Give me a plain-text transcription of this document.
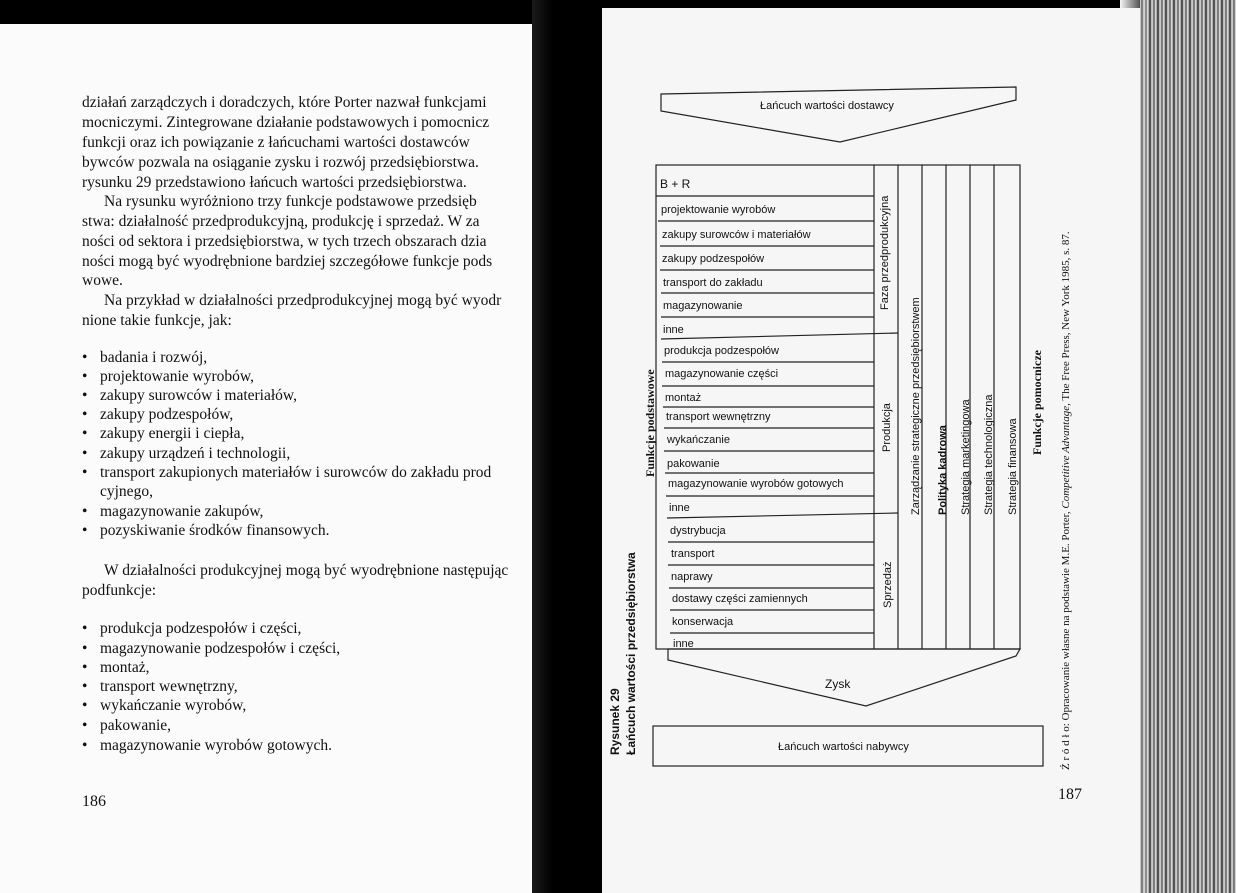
działań zarządczych i doradczych, które Porter nazwał funkcjami
mocniczymi. Zintegrowane działanie podstawowych i pomocnicz
funkcji oraz ich powiązanie z łańcuchami wartości dostawców
bywców pozwala na osiąganie zysku i rozwój przedsiębiorstwa.
rysunku 29 przedstawiono łańcuch wartości przedsiębiorstwa.
Na rysunku wyróżniono trzy funkcje podstawowe przedsięb
stwa: działalność przedprodukcyjną, produkcję i sprzedaż. W za
ności od sektora i przedsiębiorstwa, w tych trzech obszarach dzia
ności mogą być wyodrębnione bardziej szczegółowe funkcje pods
wowe.
Na przykład w działalności przedprodukcyjnej mogą być wyodr
nione takie funkcje, jak:
• badania i rozwój,
• projektowanie wyrobów,
• zakupy surowców i materiałów,
• zakupy podzespołów,
• zakupy energii i ciepła,
• zakupy urządzeń i technologii,
• transport zakupionych materiałów i surowców do zakładu prod
cyjnego,
• magazynowanie zakupów,
• pozyskiwanie środków finansowych.
W działalności produkcyjnej mogą być wyodrębnione następując
podfunkcje:
• produkcja podzespołów i części,
• magazynowanie podzespołów i części,
• montaż,
• transport wewnętrzny,
• wykańczanie wyrobów,
• pakowanie,
• magazynowanie wyrobów gotowych.
186
Łańcuch wartości dostawcy
Zysk
Łańcuch wartości nabywcy
B + R
projektowanie wyrobów
zakupy surowców i materiałów
zakupy podzespołów
transport do zakładu
magazynowanie
inne
produkcja podzespołów
magazynowanie części
montaż
transport wewnętrzny
wykańczanie
pakowanie
magazynowanie wyrobów gotowych
inne
dystrybucja
transport
naprawy
dostawy części zamiennych
konserwacja
inne
Faza przedprodukcyjna
Produkcja
Sprzedaż
Zarządzanie strategiczne przedsiębiorstwem Polityka kadrowa Strategia marketingowa Strategia technologiczna Strategia finansowa
Funkcje pomocnicze
Funkcje podstawowe
Rysunek 29 Łańcuch wartości przedsiębiorstwa	Ź r ó d ł o: Opracowanie własne na podstawie M.E. Porter, Competitive Advantage, The Free Press, New York 1985, s. 87.
187
